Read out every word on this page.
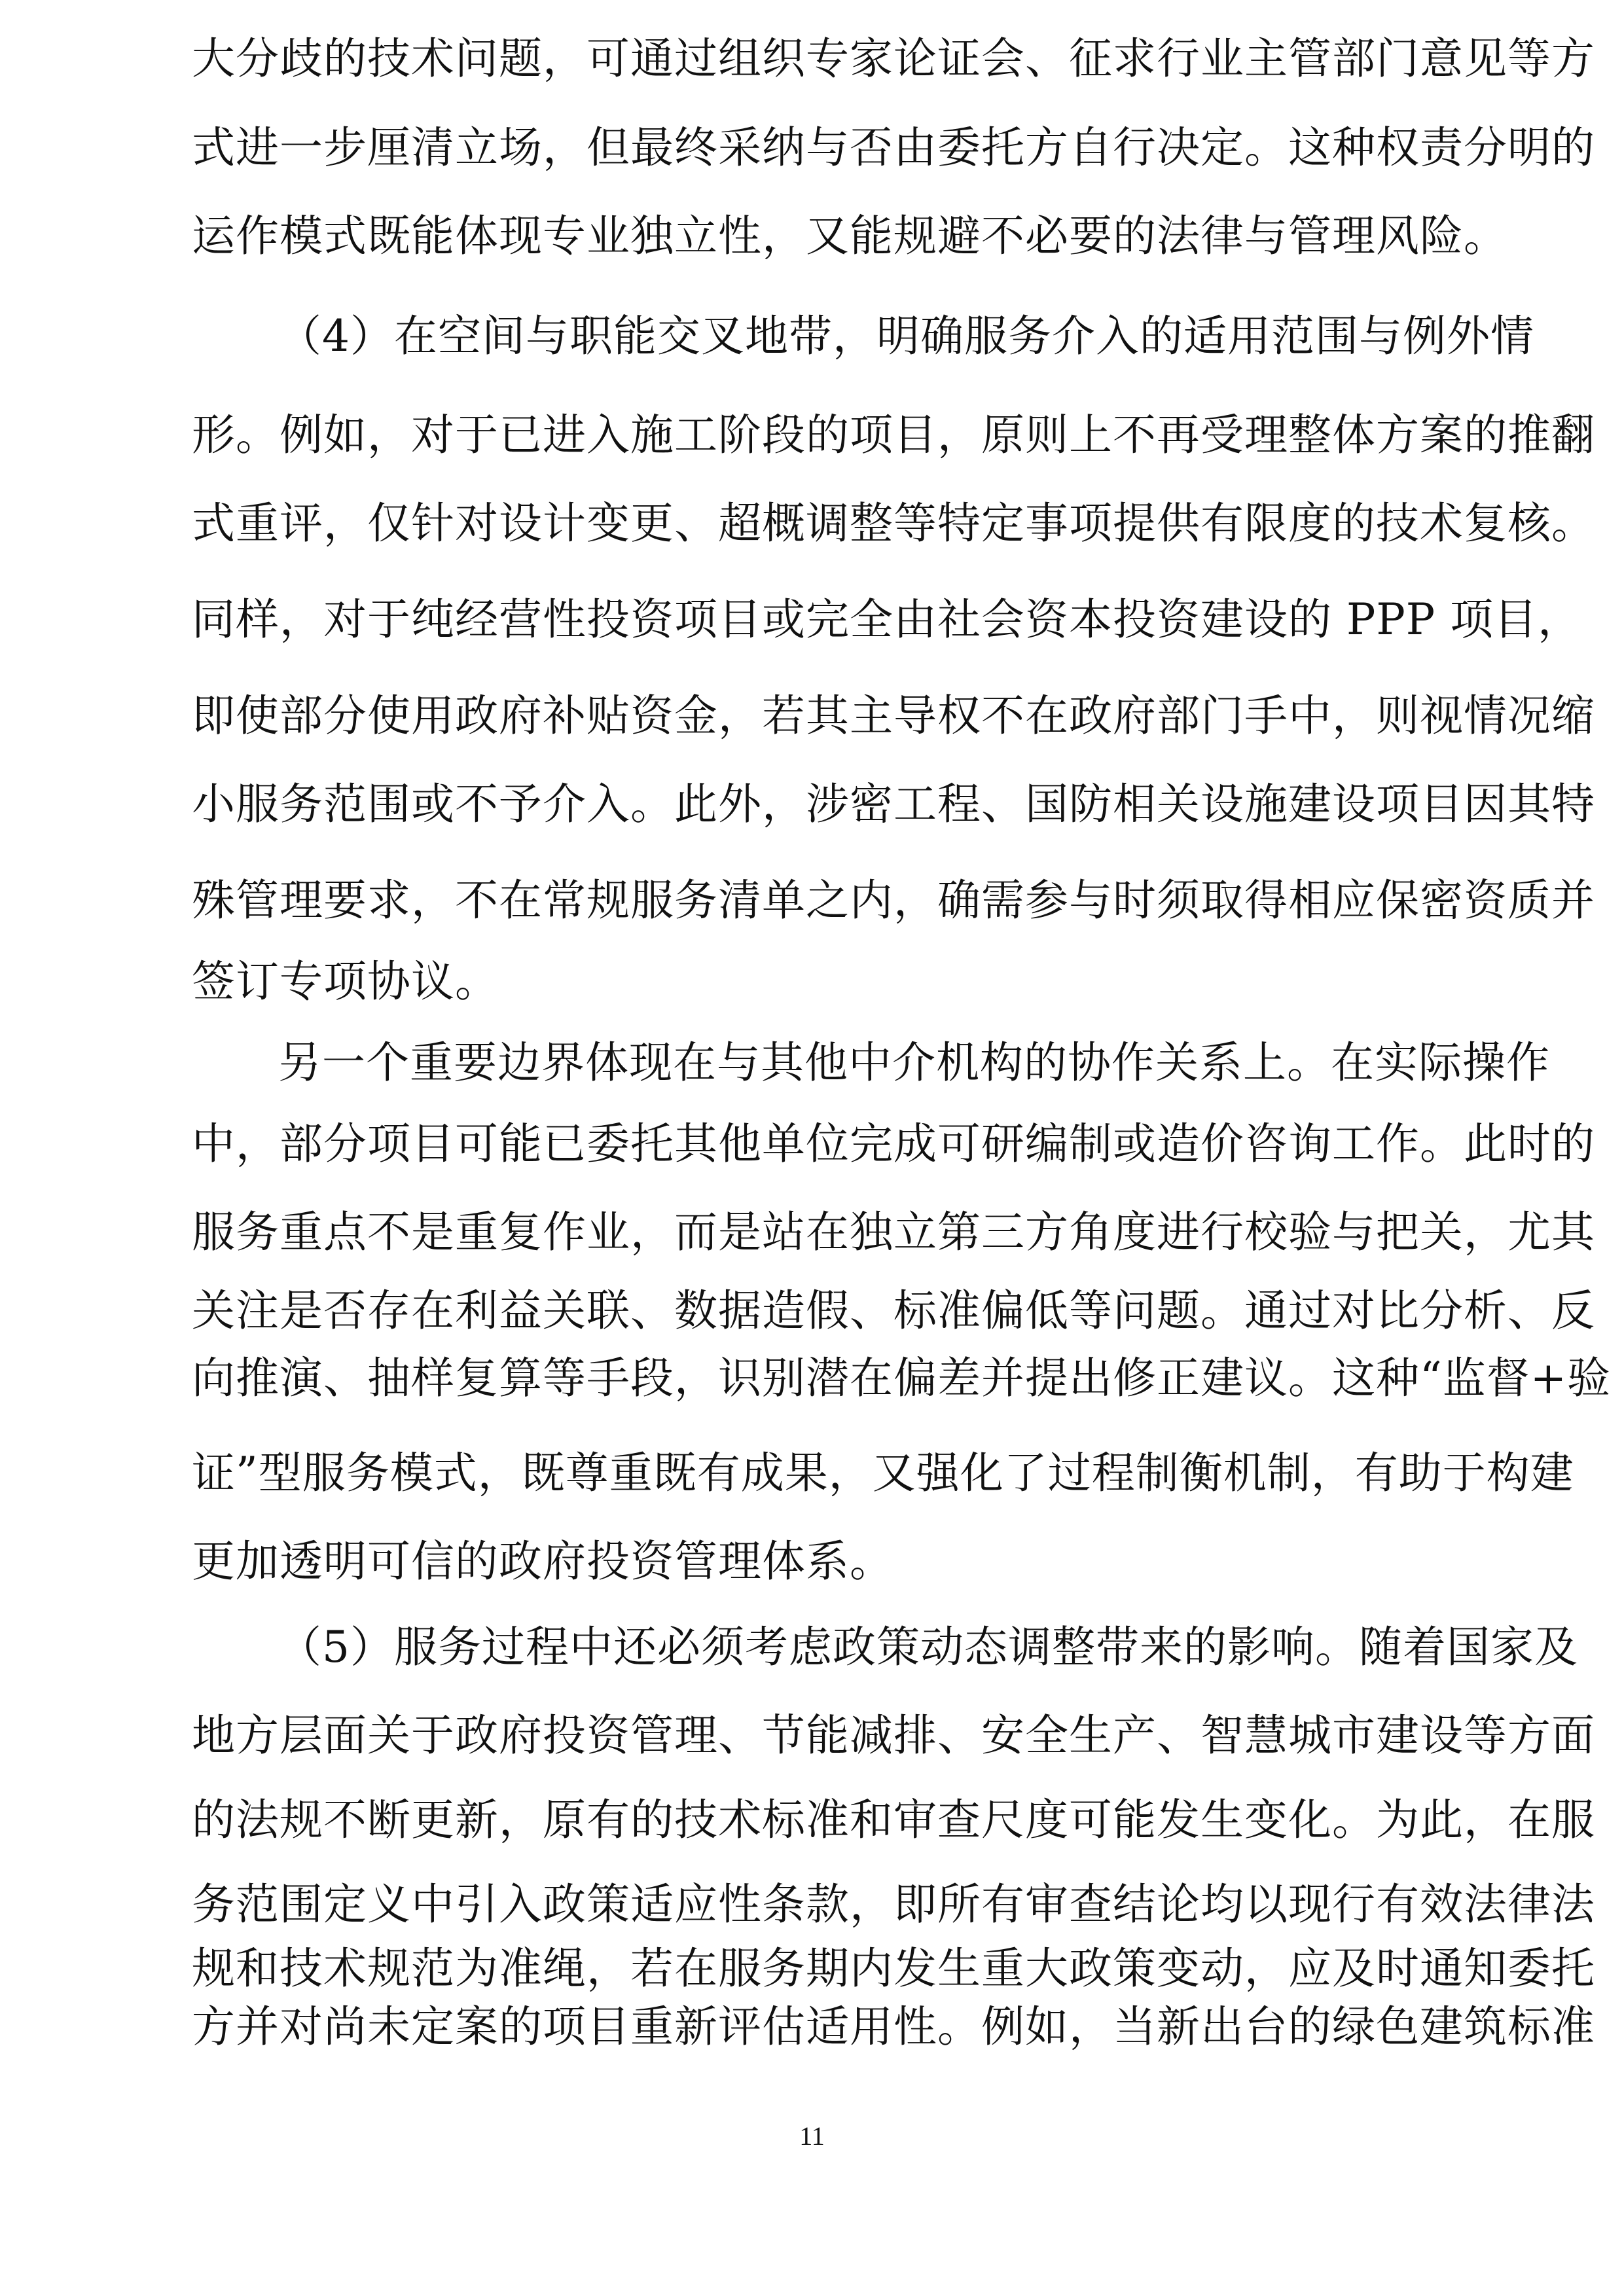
大分歧的技术问题，可通过组织专家论证会、征求行业主管部门意见等方
式进一步厘清立场，但最终采纳与否由委托方自行决定。这种权责分明的
运作模式既能体现专业独立性，又能规避不必要的法律与管理风险。
（4）在空间与职能交叉地带，明确服务介入的适用范围与例外情
形。例如，对于已进入施工阶段的项目，原则上不再受理整体方案的推翻
式重评，仅针对设计变更、超概调整等特定事项提供有限度的技术复核。
同样，对于纯经营性投资项目或完全由社会资本投资建设的 PPP 项目，
即使部分使用政府补贴资金，若其主导权不在政府部门手中，则视情况缩
小服务范围或不予介入。此外，涉密工程、国防相关设施建设项目因其特
殊管理要求，不在常规服务清单之内，确需参与时须取得相应保密资质并
签订专项协议。
另一个重要边界体现在与其他中介机构的协作关系上。在实际操作
中，部分项目可能已委托其他单位完成可研编制或造价咨询工作。此时的
服务重点不是重复作业，而是站在独立第三方角度进行校验与把关，尤其
关注是否存在利益关联、数据造假、标准偏低等问题。通过对比分析、反
向推演、抽样复算等手段，识别潜在偏差并提出修正建议。这种“监督+验
证”型服务模式，既尊重既有成果，又强化了过程制衡机制，有助于构建
更加透明可信的政府投资管理体系。
（5）服务过程中还必须考虑政策动态调整带来的影响。随着国家及
地方层面关于政府投资管理、节能减排、安全生产、智慧城市建设等方面
的法规不断更新，原有的技术标准和审查尺度可能发生变化。为此，在服
务范围定义中引入政策适应性条款，即所有审查结论均以现行有效法律法
规和技术规范为准绳，若在服务期内发生重大政策变动，应及时通知委托
方并对尚未定案的项目重新评估适用性。例如，当新出台的绿色建筑标准
11
